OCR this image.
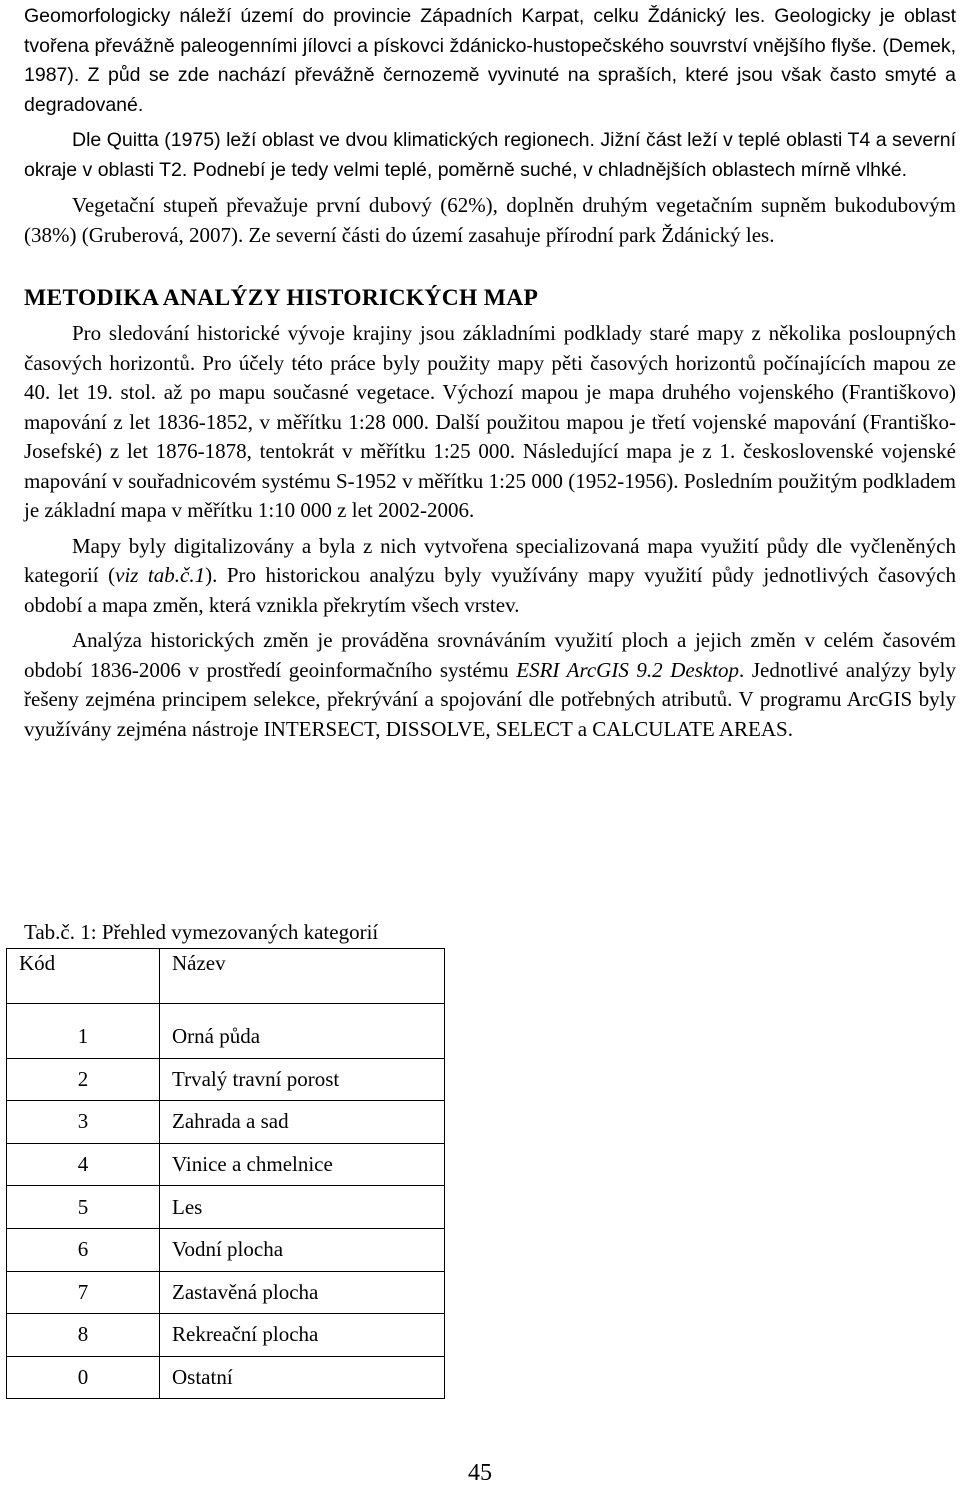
Geomorfologicky náleží území do provincie Západních Karpat, celku Ždánický les. Geologicky je oblast tvořena převážně paleogenními jílovci a pískovci ždánicko-hustopečského souvrství vnějšího flyše. (Demek, 1987). Z půd se zde nachází převážně černozemě vyvinuté na spraších, které jsou však často smyté a degradované.

Dle Quitta (1975) leží oblast ve dvou klimatických regionech. Jižní část leží v teplé oblasti T4 a severní okraje v oblasti T2. Podnebí je tedy velmi teplé, poměrně suché, v chladnějších oblastech mírně vlhké.

Vegetační stupeň převažuje první dubový (62%), doplněn druhým vegetačním supněm bukodubovým (38%) (Gruberová, 2007). Ze severní části do území zasahuje přírodní park Ždánický les.

METODIKA ANALÝZY HISTORICKÝCH MAP

Pro sledování historické vývoje krajiny jsou základními podklady staré mapy z několika posloupných časových horizontů. Pro účely této práce byly použity mapy pěti časových horizontů počínajících mapou ze 40. let 19. stol. až po mapu současné vegetace. Výchozí mapou je mapa druhého vojenského (Františkovo) mapování z let 1836-1852, v měřítku 1:28 000. Další použitou mapou je třetí vojenské mapování (Františko-Josefské) z let 1876-1878, tentokrát v měřítku 1:25 000. Následující mapa je z 1. československé vojenské mapování v souřadnicovém systému S-1952 v měřítku 1:25 000 (1952-1956). Posledním použitým podkladem je základní mapa v měřítku 1:10 000 z let 2002-2006.

Mapy byly digitalizovány a byla z nich vytvořena specializovaná mapa využití půdy dle vyčleněných kategorií (viz tab.č.1). Pro historickou analýzu byly využívány mapy využití půdy jednotlivých časových období a mapa změn, která vznikla překrytím všech vrstev.

Analýza historických změn je prováděna srovnáváním využití ploch a jejich změn v celém časovém období 1836-2006 v prostředí geoinformačního systému ESRI ArcGIS 9.2 Desktop. Jednotlivé analýzy byly řešeny zejména principem selekce, překrývání a spojování dle potřebných atributů. V programu ArcGIS byly využívány zejména nástroje INTERSECT, DISSOLVE, SELECT a CALCULATE AREAS.

Tab.č. 1: Přehled vymezovaných kategorií
Kód	Název
1	Orná půda
2	Trvalý travní porost
3	Zahrada a sad
4	Vinice a chmelnice
5	Les
6	Vodní plocha
7	Zastavěná plocha
8	Rekreační plocha
0	Ostatní
45
